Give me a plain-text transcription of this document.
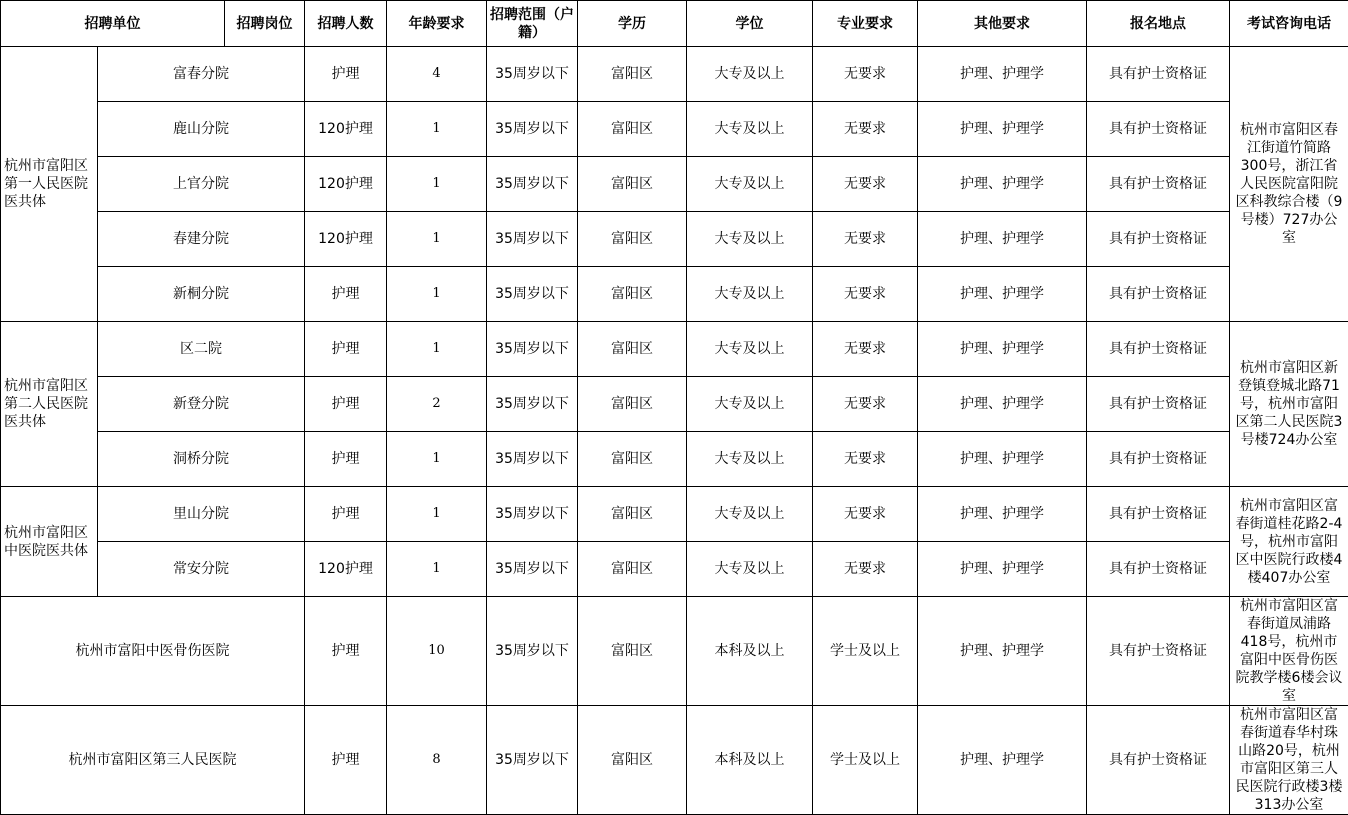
招聘单位		招聘岗位	招聘人数	年龄要求	招聘范围（户籍）	学历	学位	专业要求	其他要求	报名地点	考试咨询电话	
杭州市富阳区第一人民医院医共体	富春分院		护理	4	35周岁以下	富阳区	大专及以上	无要求	护理、护理学	具有护士资格证	杭州市富阳区春江街道竹简路300号，浙江省人民医院富阳院区科教综合楼（9号楼）727办公室	
	鹿山分院		120护理	1	35周岁以下	富阳区	大专及以上	无要求	护理、护理学	具有护士资格证	
	上官分院		120护理	1	35周岁以下	富阳区	大专及以上	无要求	护理、护理学	具有护士资格证	
	春建分院		120护理	1	35周岁以下	富阳区	大专及以上	无要求	护理、护理学	具有护士资格证	
	新桐分院		护理	1	35周岁以下	富阳区	大专及以上	无要求	护理、护理学	具有护士资格证	
杭州市富阳区第二人民医院医共体	区二院		护理	1	35周岁以下	富阳区	大专及以上	无要求	护理、护理学	具有护士资格证	杭州市富阳区新登镇登城北路71号，杭州市富阳区第二人民医院3号楼724办公室	
	新登分院		护理	2	35周岁以下	富阳区	大专及以上	无要求	护理、护理学	具有护士资格证	
	洞桥分院		护理	1	35周岁以下	富阳区	大专及以上	无要求	护理、护理学	具有护士资格证	
杭州市富阳区中医院医共体	里山分院		护理	1	35周岁以下	富阳区	大专及以上	无要求	护理、护理学	具有护士资格证	杭州市富阳区富春街道桂花路2-4号，杭州市富阳区中医院行政楼4楼407办公室	
	常安分院		120护理	1	35周岁以下	富阳区	大专及以上	无要求	护理、护理学	具有护士资格证	
杭州市富阳中医骨伤医院			护理	10	35周岁以下	富阳区	本科及以上	学士及以上	护理、护理学	具有护士资格证	杭州市富阳区富春街道凤浦路418号，杭州市富阳中医骨伤医院教学楼6楼会议室	
杭州市富阳区第三人民医院			护理	8	35周岁以下	富阳区	本科及以上	学士及以上	护理、护理学	具有护士资格证	杭州市富阳区富春街道春华村珠山路20号，杭州市富阳区第三人民医院行政楼3楼313办公室	
